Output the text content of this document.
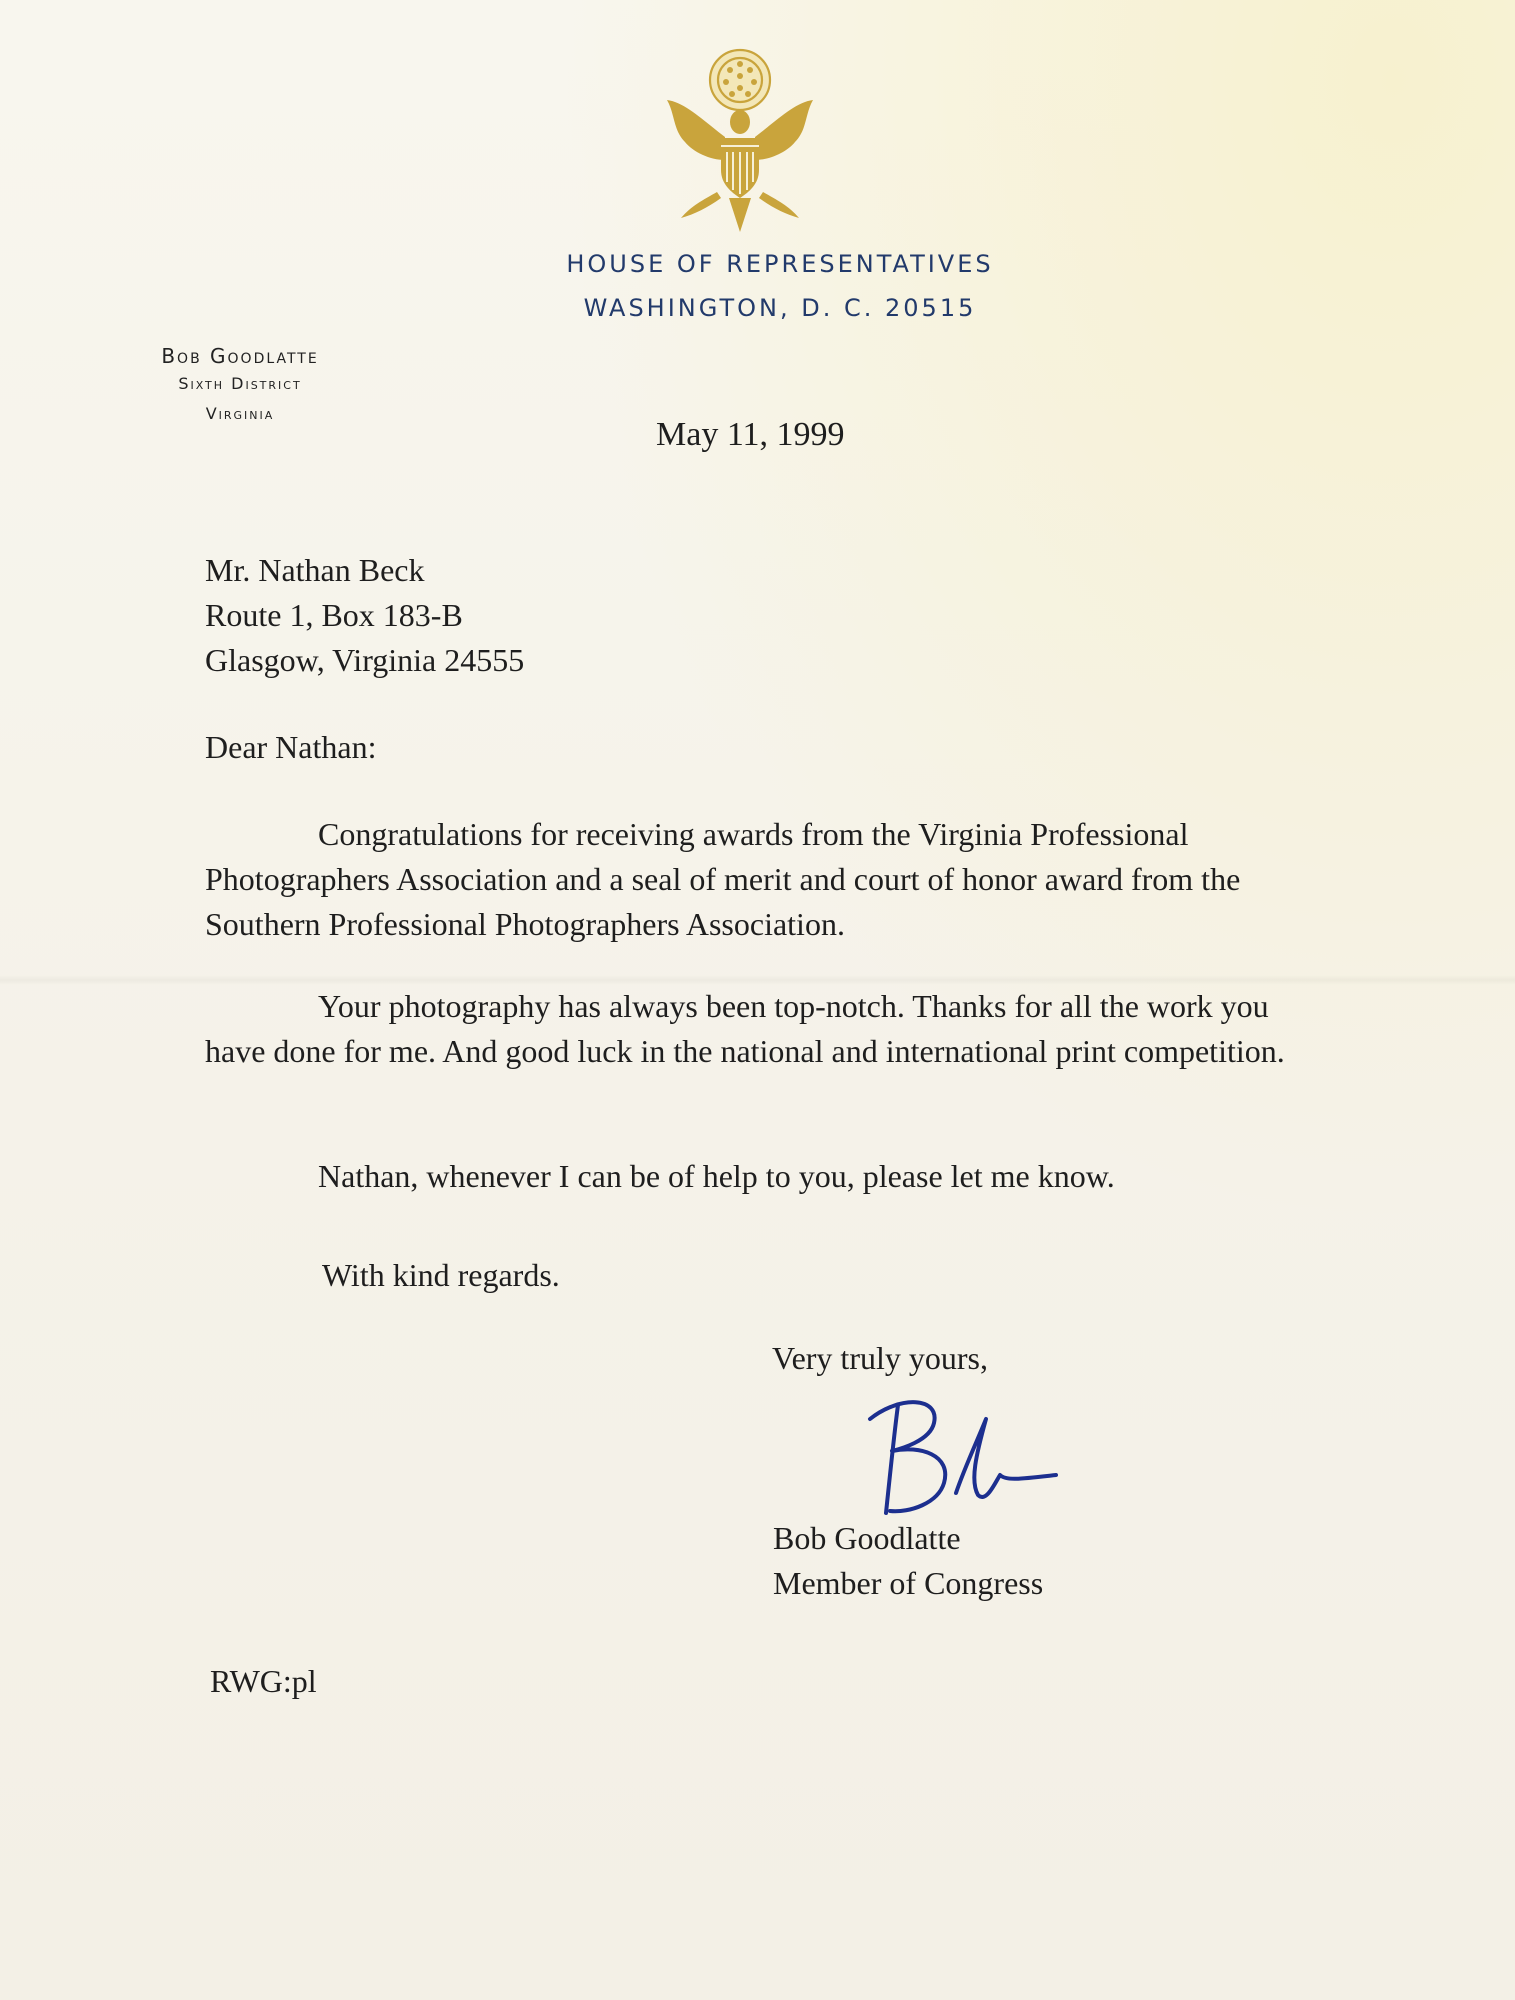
HOUSE OF REPRESENTATIVES
WASHINGTON, D. C. 20515
Bob Goodlatte
Sixth District
Virginia
May 11, 1999
Mr. Nathan Beck
Route 1, Box 183-B
Glasgow, Virginia 24555
Dear Nathan:
Congratulations for receiving awards from the Virginia Professional Photographers Association and a seal of merit and court of honor award from the Southern Professional Photographers Association.
Your photography has always been top-notch. Thanks for all the work you have done for me. And good luck in the national and international print competition.
Nathan, whenever I can be of help to you, please let me know.
With kind regards.
Very truly yours,
Bob Goodlatte
Member of Congress
RWG:pl
